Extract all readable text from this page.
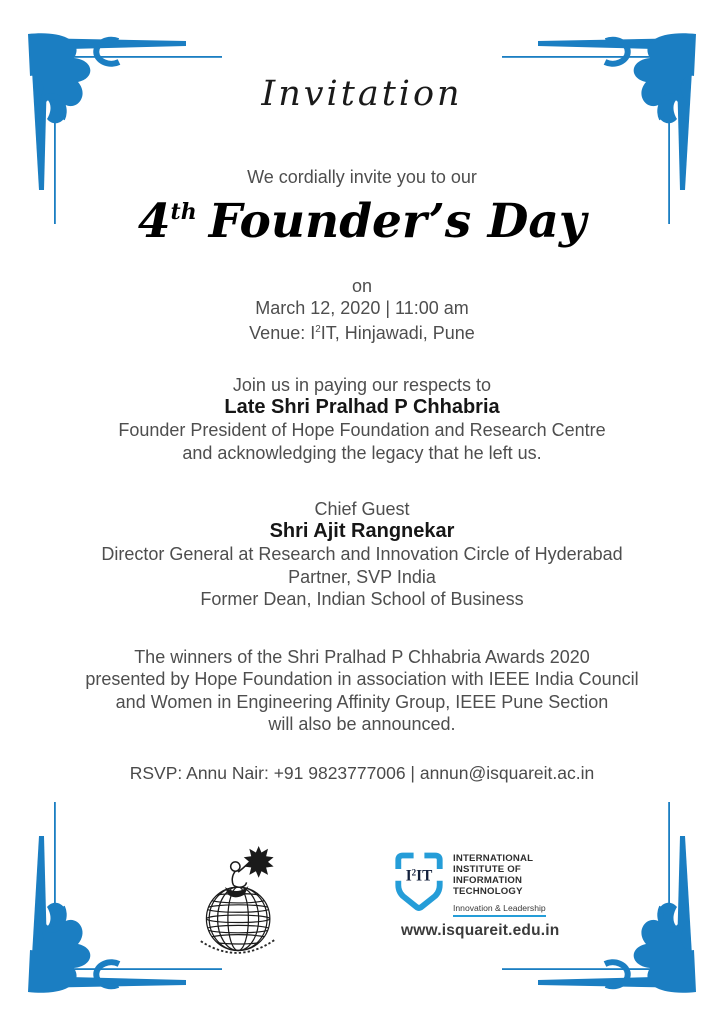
Invitation
We cordially invite you to our
4th Founder’s Day
on
March 12, 2020 | 11:00 am
Venue: $I^2IT$, Hinjawadi, Pune
Join us in paying our respects to
Late Shri Pralhad P Chhabria
Founder President of Hope Foundation and Research Centre
and acknowledging the legacy that he left us.
Chief Guest
Shri Ajit Rangnekar
Director General at Research and Innovation Circle of Hyderabad
Partner, SVP India
Former Dean, Indian School of Business
The winners of the Shri Pralhad P Chhabria Awards 2020
presented by Hope Foundation in association with IEEE India Council
and Women in Engineering Affinity Group, IEEE Pune Section
will also be announced.
RSVP: Annu Nair: +91 9823777006 | annun@isquareit.ac.in
$I^2IT$
INTERNATIONAL
INSTITUTE OF
INFORMATION
TECHNOLOGY
Innovation & Leadership
www.isquareit.edu.in
